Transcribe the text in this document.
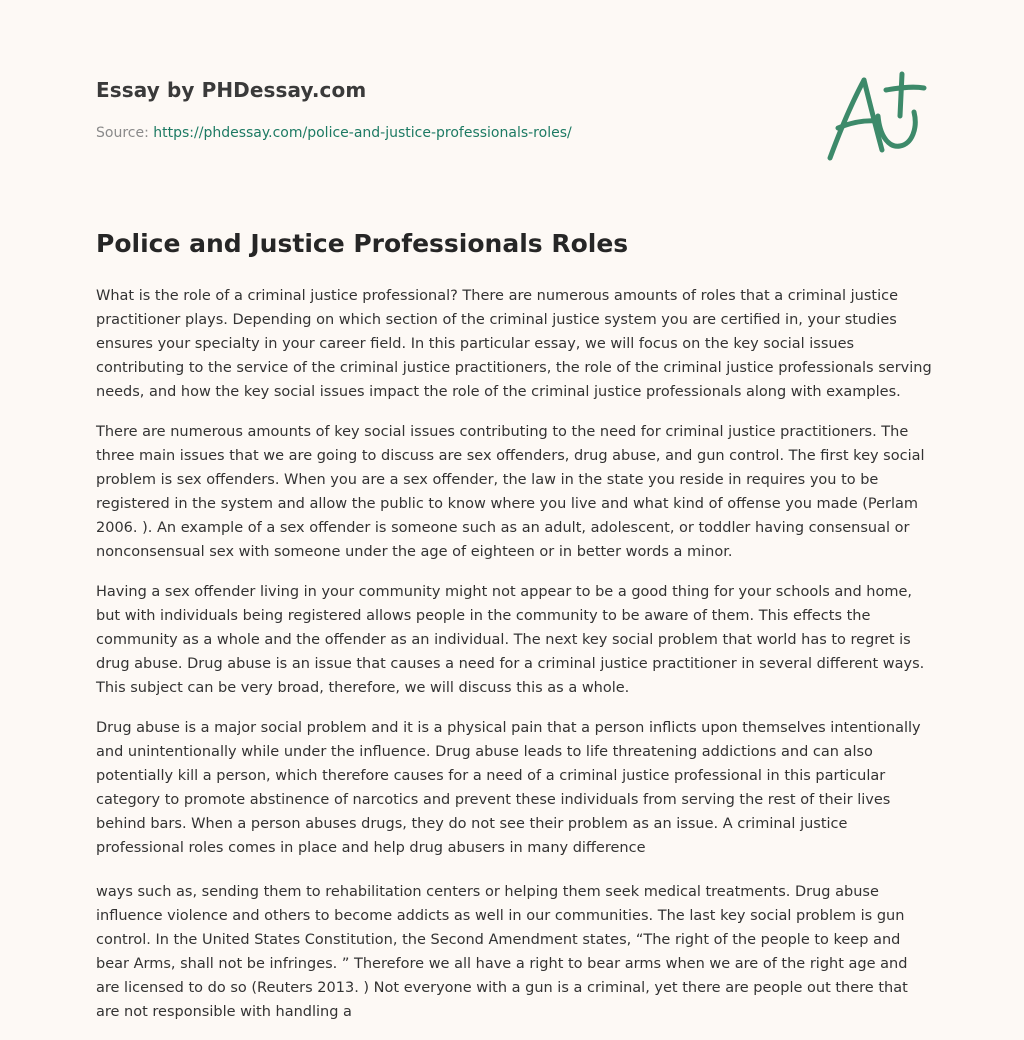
Essay by PHDessay.com
Source: https://phdessay.com/police-and-justice-professionals-roles/
Police and Justice Professionals Roles

What is the role of a criminal justice professional? There are numerous amounts of roles that a criminal justice practitioner plays. Depending on which section of the criminal justice system you are certified in, your studies ensures your specialty in your career field. In this particular essay, we will focus on the key social issues contributing to the service of the criminal justice practitioners, the role of the criminal justice professionals serving needs, and how the key social issues impact the role of the criminal justice professionals along with examples.

There are numerous amounts of key social issues contributing to the need for criminal justice practitioners. The three main issues that we are going to discuss are sex offenders, drug abuse, and gun control. The first key social problem is sex offenders. When you are a sex offender, the law in the state you reside in requires you to be registered in the system and allow the public to know where you live and what kind of offense you made (Perlam 2006. ). An example of a sex offender is someone such as an adult, adolescent, or toddler having consensual or nonconsensual sex with someone under the age of eighteen or in better words a minor.

Having a sex offender living in your community might not appear to be a good thing for your schools and home, but with individuals being registered allows people in the community to be aware of them. This effects the community as a whole and the offender as an individual. The next key social problem that world has to regret is drug abuse. Drug abuse is an issue that causes a need for a criminal justice practitioner in several different ways. This subject can be very broad, therefore, we will discuss this as a whole.

Drug abuse is a major social problem and it is a physical pain that a person inflicts upon themselves intentionally and unintentionally while under the influence. Drug abuse leads to life threatening addictions and can also potentially kill a person, which therefore causes for a need of a criminal justice professional in this particular category to promote abstinence of narcotics and prevent these individuals from serving the rest of their lives behind bars. When a person abuses drugs, they do not see their problem as an issue. A criminal justice professional roles comes in place and help drug abusers in many difference

ways such as, sending them to rehabilitation centers or helping them seek medical treatments. Drug abuse influence violence and others to become addicts as well in our communities. The last key social problem is gun control. In the United States Constitution, the Second Amendment states, “The right of the people to keep and bear Arms, shall not be infringes. ” Therefore we all have a right to bear arms when we are of the right age and are licensed to do so (Reuters 2013. ) Not everyone with a gun is a criminal, yet there are people out there that are not responsible with handling a
